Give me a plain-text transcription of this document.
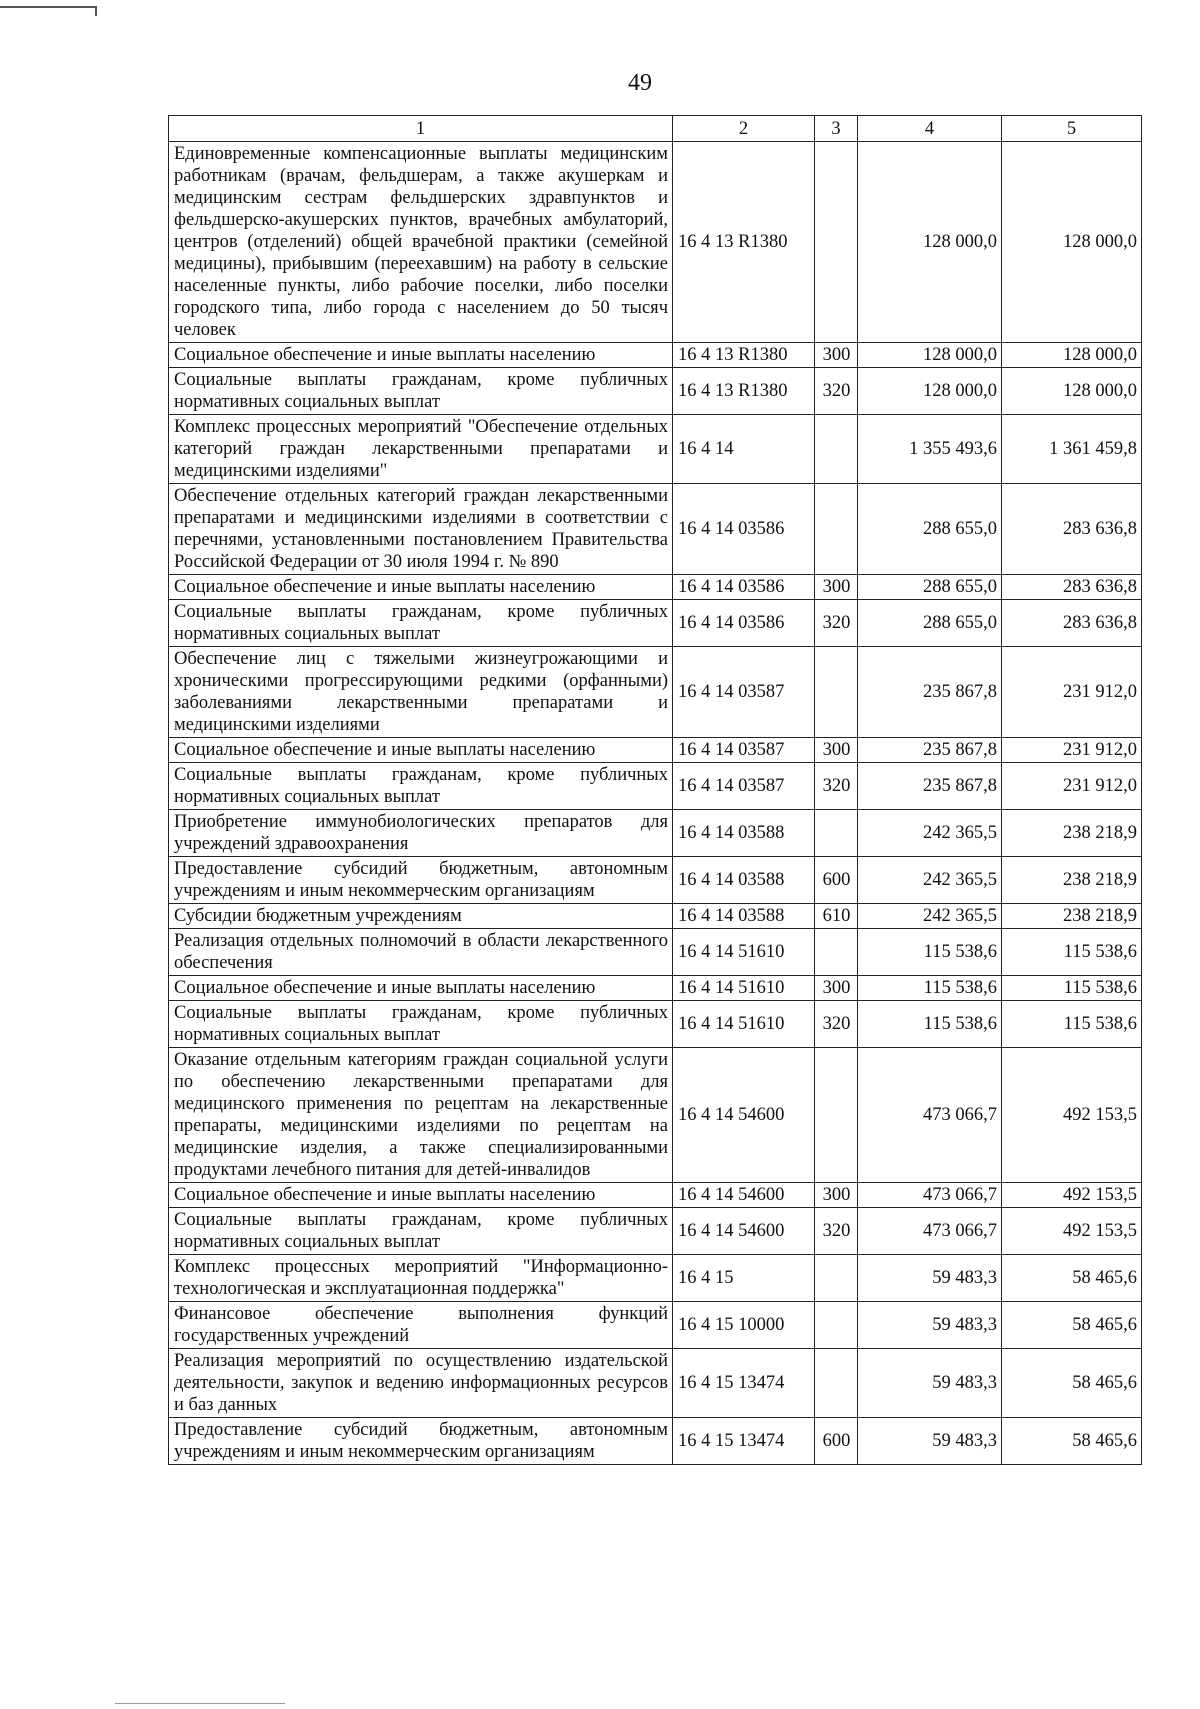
49
1	2	3	4	5
Единовременные компенсационные выплаты медицинским работникам (врачам, фельдшерам, а также акушеркам и медицинским сестрам фельдшерских здравпунктов и фельдшерско-акушерских пунктов, врачебных амбулаторий, центров (отделений) общей врачебной практики (семейной медицины), прибывшим (переехавшим) на работу в сельские населенные пункты, либо рабочие поселки, либо поселки городского типа, либо города с населением до 50 тысяч человек	16 4 13 R1380		128 000,0	128 000,0
Социальное обеспечение и иные выплаты населению	16 4 13 R1380	300	128 000,0	128 000,0
Социальные выплаты гражданам, кроме публичных нормативных социальных выплат	16 4 13 R1380	320	128 000,0	128 000,0
Комплекс процессных мероприятий "Обеспечение отдельных категорий граждан лекарственными препаратами и медицинскими изделиями"	16 4 14		1 355 493,6	1 361 459,8
Обеспечение отдельных категорий граждан лекарственными препаратами и медицинскими изделиями в соответствии с перечнями, установленными постановлением Правительства Российской Федерации от 30 июля 1994 г. № 890	16 4 14 03586		288 655,0	283 636,8
Социальное обеспечение и иные выплаты населению	16 4 14 03586	300	288 655,0	283 636,8
Социальные выплаты гражданам, кроме публичных нормативных социальных выплат	16 4 14 03586	320	288 655,0	283 636,8
Обеспечение лиц с тяжелыми жизнеугрожающими и хроническими прогрессирующими редкими (орфанными) заболеваниями лекарственными препаратами и медицинскими изделиями	16 4 14 03587		235 867,8	231 912,0
Социальное обеспечение и иные выплаты населению	16 4 14 03587	300	235 867,8	231 912,0
Социальные выплаты гражданам, кроме публичных нормативных социальных выплат	16 4 14 03587	320	235 867,8	231 912,0
Приобретение иммунобиологических препаратов для учреждений здравоохранения	16 4 14 03588		242 365,5	238 218,9
Предоставление субсидий бюджетным, автономным учреждениям и иным некоммерческим организациям	16 4 14 03588	600	242 365,5	238 218,9
Субсидии бюджетным учреждениям	16 4 14 03588	610	242 365,5	238 218,9
Реализация отдельных полномочий в области лекарственного обеспечения	16 4 14 51610		115 538,6	115 538,6
Социальное обеспечение и иные выплаты населению	16 4 14 51610	300	115 538,6	115 538,6
Социальные выплаты гражданам, кроме публичных нормативных социальных выплат	16 4 14 51610	320	115 538,6	115 538,6
Оказание отдельным категориям граждан социальной услуги по обеспечению лекарственными препаратами для медицинского применения по рецептам на лекарственные препараты, медицинскими изделиями по рецептам на медицинские изделия, а также специализированными продуктами лечебного питания для детей-инвалидов	16 4 14 54600		473 066,7	492 153,5
Социальное обеспечение и иные выплаты населению	16 4 14 54600	300	473 066,7	492 153,5
Социальные выплаты гражданам, кроме публичных нормативных социальных выплат	16 4 14 54600	320	473 066,7	492 153,5
Комплекс процессных мероприятий "Информационно-технологическая и эксплуатационная поддержка"	16 4 15		59 483,3	58 465,6
Финансовое обеспечение выполнения функций государственных учреждений	16 4 15 10000		59 483,3	58 465,6
Реализация мероприятий по осуществлению издательской деятельности, закупок и ведению информационных ресурсов и баз данных	16 4 15 13474		59 483,3	58 465,6
Предоставление субсидий бюджетным, автономным учреждениям и иным некоммерческим организациям	16 4 15 13474	600	59 483,3	58 465,6
